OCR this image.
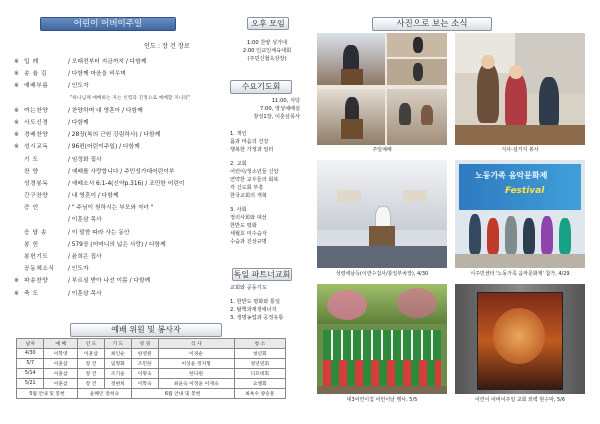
어린이 어버이주일
인도 : 장 건 장로
※ 입 례	/ 오래전부터 지금까지 / 다함께
※ 송 율 김	/ 다함께 마음을 비우며
※ 예배부름	/ 인도자
"하나님께 예배하는 자는 신령과 진정으로 예배할 지니라"
※ 여는찬양	/ 찬양하며 내 영혼아 / 다함께
※ 사도신경	/ 다함께
※ 경배찬양	/ 28장(복의 근원 강림하사) / 다함께
※ 성시교독	/ 96편(어린이주일) / 다함께
기 도	/ 임정화 집사
찬 양	/ 예배를 사랑합니다 / 주민성가대어린이부
성경봉독	/ 에베소서 6:1-4(신약p.316) / 조민한 어린이
간구찬양	/ 내 영혼이 / 다함께
증 언	/ " 주님이 원하시는 부모와 자녀 "
/ 이훈삼 목사
응 답 송	/ 이 말씀 따라 사는 동안
봉 헌	/ 579장 (어머니의 넓은 사랑) / 다함께
봉헌기도	/ 윤희은 집사
공동체소식	/ 인도자
※ 파송찬양	/ 부르심 받아 나선 이몸 / 다함께
※ 축 도	/ 이훈삼 목사
예배 위원 및 봉사자
날자	예 배	인 도	기 도	성 경	식 사	청 소
4/30	이학영	이훈삼	최인순	한영원	이경순	청년회
5/7	이훈삼	장 건	임형화	조민한	이상윤 정지형	청년연회
5/14	이훈삼	장 건	조기윤	이명숙	한다원	디모데회
5/21	이훈삼	장 건	정현희	이학숙	최윤숙 이정윤 이재숙	요엘회
5월 안내 및 봉헌		윤혜인 장희숙		6월 안내 및 봉헌		최옥수 양승훈
오후 모임
1:00 찬양 성가대
2:00 인교인체육대회
(주민신협옥상장)
수요기도회
11:00, 식당
7:00, 영성예배실
창성1장, 이훈삼목사
1. 개인
몸과 마음의 건강
행복한 가정과 일터
2. 교회
어린이/청소년들 신앙
연약한 교우들의 회복
각 신도회 부흥
한국교회의 개혁
3. 사회
정의사회와 대선
한반도 평화
세월호 미수습자
수습과 진상규명
독일 파트너교회
교회와 공동기도
1. 한반도 평화와 통일
2. 탈핵과재생에너지
3. 생명농업과 공정유통
사진으로 보는 소식
주일예배	식사-설거지 봉사
성령세남득(이연수집사/통일부차장), 4/30
노동가족 음악문화제
Festival
이주민센터 '노동가족 음악문화제' 참가, 4/29
대3어린이집 어린이날 행사, 5/5	어린이 어버이주일 교회 외벽 현수막, 5/6
